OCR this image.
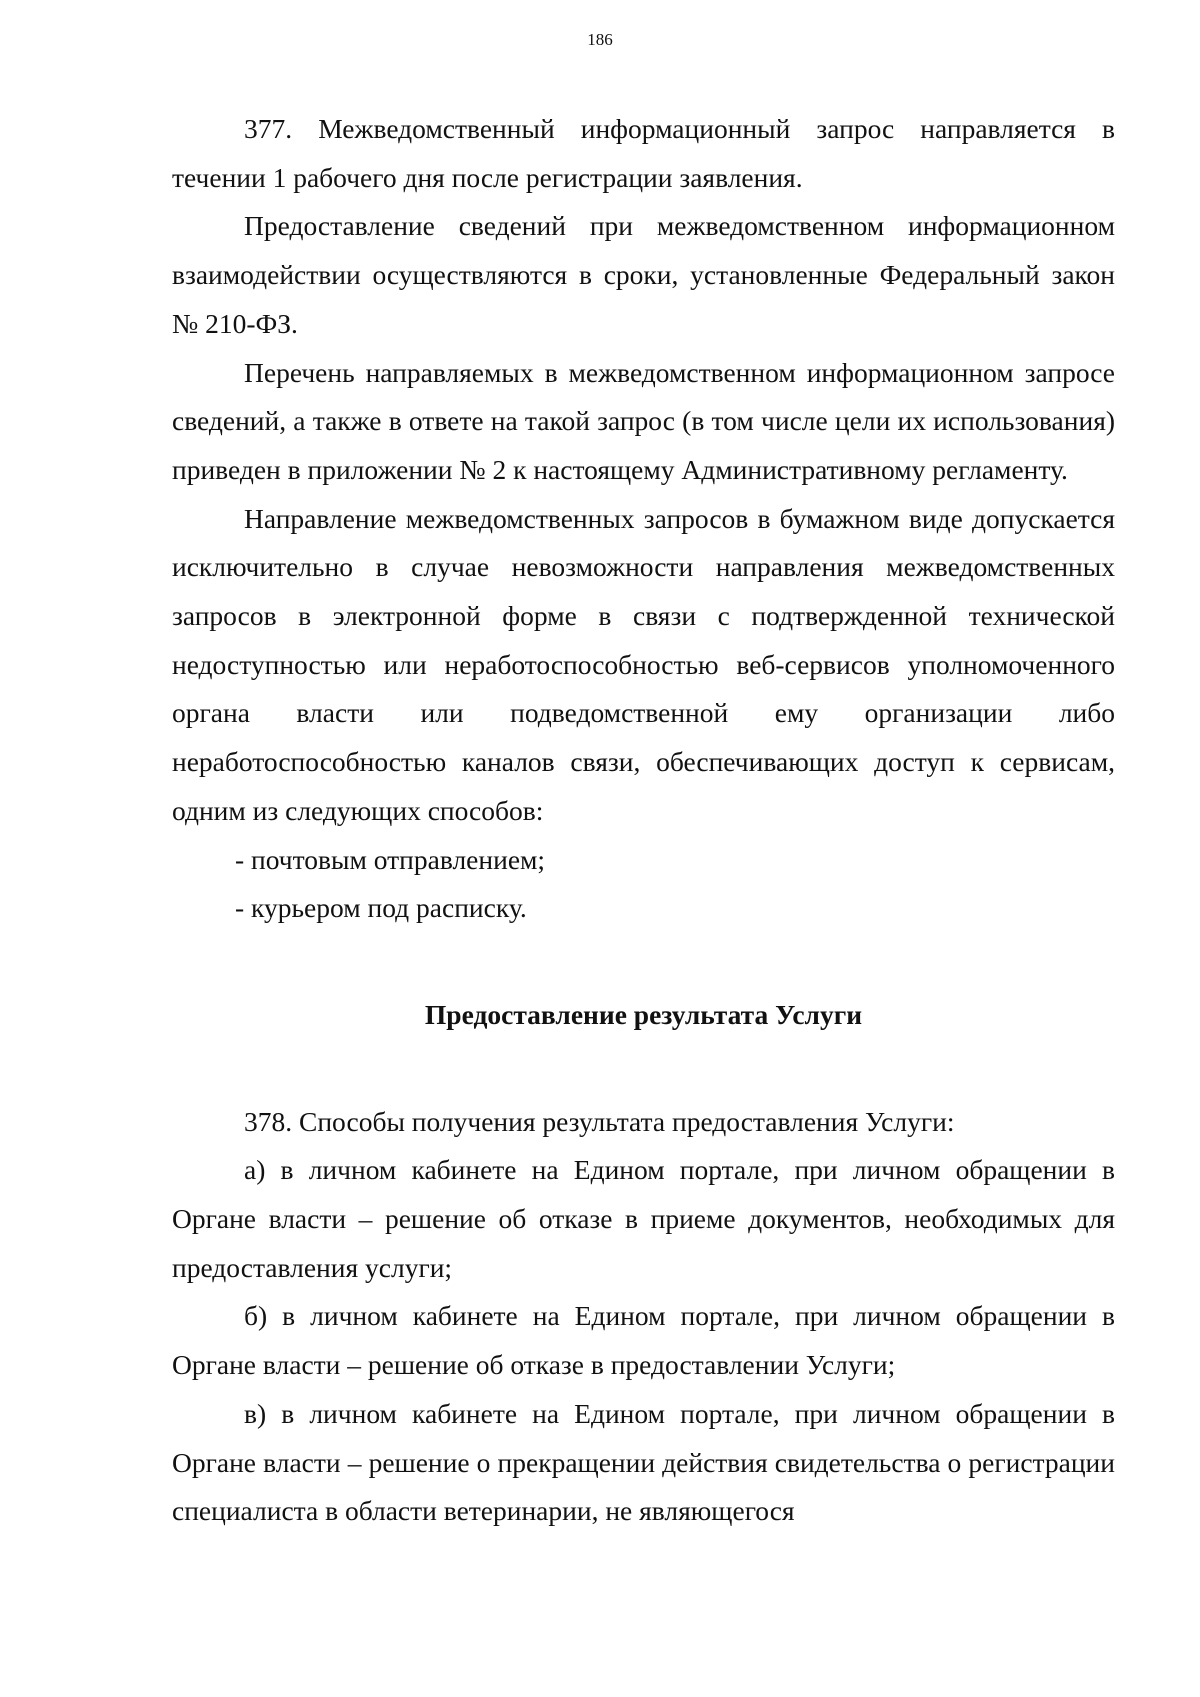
186

377. Межведомственный информационный запрос направляется в течении 1 рабочего дня после регистрации заявления.

Предоставление сведений при межведомственном информационном взаимодействии осуществляются в сроки, установленные Федеральный закон № 210-ФЗ.

Перечень направляемых в межведомственном информационном запросе сведений, а также в ответе на такой запрос (в том числе цели их использования) приведен в приложении № 2 к настоящему Административному регламенту.

Направление межведомственных запросов в бумажном виде допускается исключительно в случае невозможности направления межведомственных запросов в электронной форме в связи с подтвержденной технической недоступностью или неработоспособностью веб-сервисов уполномоченного органа власти или подведомственной ему организации либо неработоспособностью каналов связи, обеспечивающих доступ к сервисам, одним из следующих способов:

- почтовым отправлением;

- курьером под расписку.

Предоставление результата Услуги

378. Способы получения результата предоставления Услуги:

а) в личном кабинете на Едином портале, при личном обращении в Органе власти – решение об отказе в приеме документов, необходимых для предоставления услуги;

б) в личном кабинете на Едином портале, при личном обращении в Органе власти – решение об отказе в предоставлении Услуги;

в) в личном кабинете на Едином портале, при личном обращении в Органе власти – решение о прекращении действия свидетельства о регистрации специалиста в области ветеринарии, не являющегося
